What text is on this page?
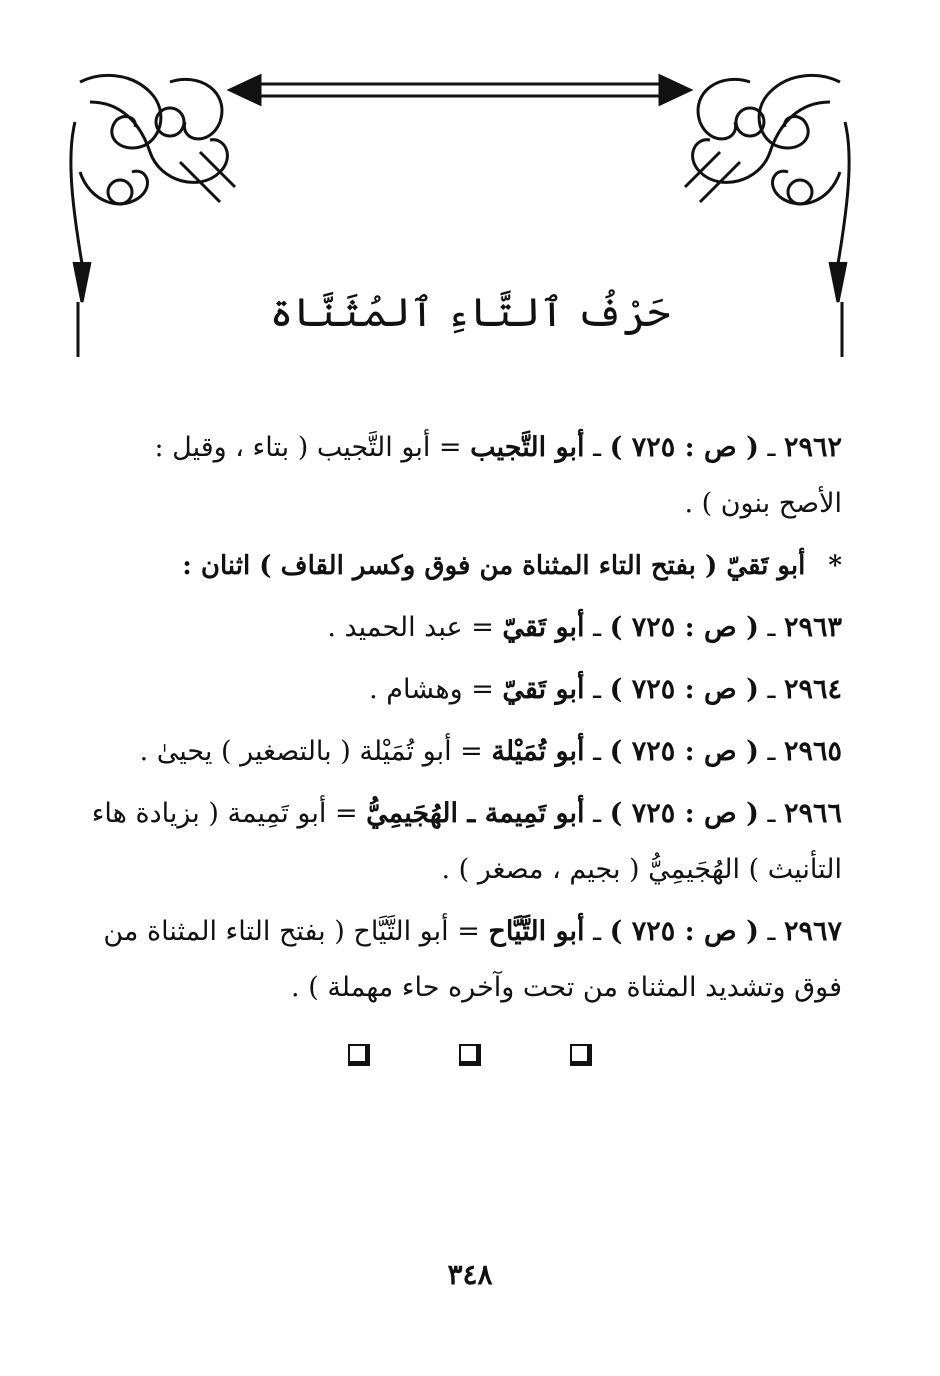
حَرْفُ ٱلتَّاءِ ٱلمُثَنَّاة
٢٩٦٢ ـ ( ص : ٧٢٥ ) ـ أبو التَّجيب = أبو التَّجيب ( بتاء ، وقيل :
الأصح بنون ) .
* أبو تَقيّ ( بفتح التاء المثناة من فوق وكسر القاف ) اثنان :
٢٩٦٣ ـ ( ص : ٧٢٥ ) ـ أبو تَقيّ = عبد الحميد .
٢٩٦٤ ـ ( ص : ٧٢٥ ) ـ أبو تَقيّ = وهشام .
٢٩٦٥ ـ ( ص : ٧٢٥ ) ـ أبو تُمَيْلة = أبو تُمَيْلة ( بالتصغير ) يحيىٰ .
٢٩٦٦ ـ ( ص : ٧٢٥ ) ـ أبو تَمِيمة ـ الهُجَيمِيُّ = أبو تَمِيمة ( بزيادة هاء
التأنيث ) الهُجَيمِيُّ ( بجيم ، مصغر ) .
٢٩٦٧ ـ ( ص : ٧٢٥ ) ـ أبو التَّيَّاح = أبو التَّيَّاح ( بفتح التاء المثناة من
فوق وتشديد المثناة من تحت وآخره حاء مهملة ) .

٣٤٨
